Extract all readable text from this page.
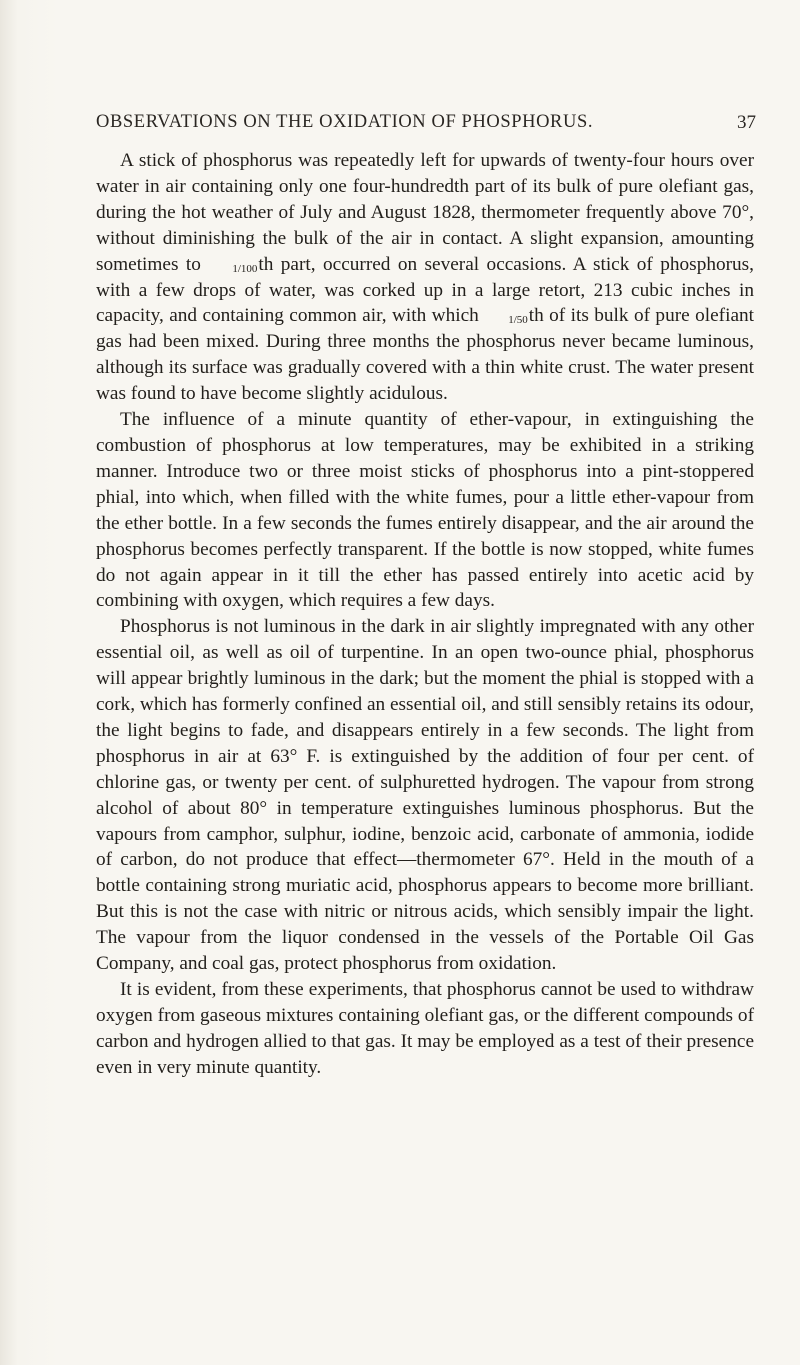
OBSERVATIONS ON THE OXIDATION OF PHOSPHORUS.	37

A stick of phosphorus was repeatedly left for upwards of twenty-four hours over water in air containing only one four-hundredth part of its bulk of pure olefiant gas, during the hot weather of July and August 1828, thermometer frequently above 70°, without diminishing the bulk of the air in contact. A slight expansion, amounting sometimes to 1/100th part, occurred on several occasions. A stick of phosphorus, with a few drops of water, was corked up in a large retort, 213 cubic inches in capacity, and containing common air, with which 1/50th of its bulk of pure olefiant gas had been mixed. During three months the phosphorus never became luminous, although its surface was gradually covered with a thin white crust. The water present was found to have become slightly acidulous.

The influence of a minute quantity of ether-vapour, in extinguishing the combustion of phosphorus at low temperatures, may be exhibited in a striking manner. Introduce two or three moist sticks of phosphorus into a pint-stoppered phial, into which, when filled with the white fumes, pour a little ether-vapour from the ether bottle. In a few seconds the fumes entirely disappear, and the air around the phosphorus becomes perfectly transparent. If the bottle is now stopped, white fumes do not again appear in it till the ether has passed entirely into acetic acid by combining with oxygen, which requires a few days.

Phosphorus is not luminous in the dark in air slightly impregnated with any other essential oil, as well as oil of turpentine. In an open two-ounce phial, phosphorus will appear brightly luminous in the dark; but the moment the phial is stopped with a cork, which has formerly confined an essential oil, and still sensibly retains its odour, the light begins to fade, and disappears entirely in a few seconds. The light from phosphorus in air at 63° F. is extinguished by the addition of four per cent. of chlorine gas, or twenty per cent. of sulphuretted hydrogen. The vapour from strong alcohol of about 80° in temperature extinguishes luminous phosphorus. But the vapours from camphor, sulphur, iodine, benzoic acid, carbonate of ammonia, iodide of carbon, do not produce that effect—thermometer 67°. Held in the mouth of a bottle containing strong muriatic acid, phosphorus appears to become more brilliant. But this is not the case with nitric or nitrous acids, which sensibly impair the light. The vapour from the liquor condensed in the vessels of the Portable Oil Gas Company, and coal gas, protect phosphorus from oxidation.

It is evident, from these experiments, that phosphorus cannot be used to withdraw oxygen from gaseous mixtures containing olefiant gas, or the different compounds of carbon and hydrogen allied to that gas. It may be employed as a test of their presence even in very minute quantity.
